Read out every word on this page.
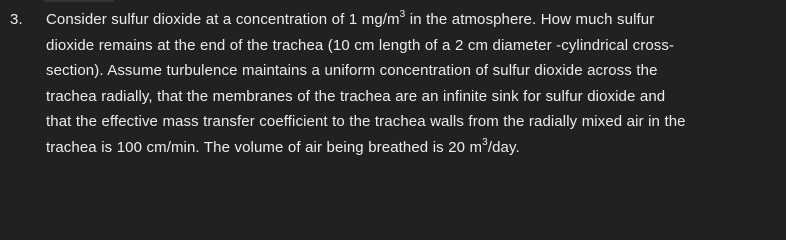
3.	Consider sulfur dioxide at a concentration of 1 $mg/m^3$ in the atmosphere. How much sulfur
dioxide remains at the end of the trachea (10 cm length of a 2 cm diameter -cylindrical cross-
section). Assume turbulence maintains a uniform concentration of sulfur dioxide across the
trachea radially, that the membranes of the trachea are an infinite sink for sulfur dioxide and
that the effective mass transfer coefficient to the trachea walls from the radially mixed air in the
trachea is 100 cm/min. The volume of air being breathed is 20 $m^3$/day.
